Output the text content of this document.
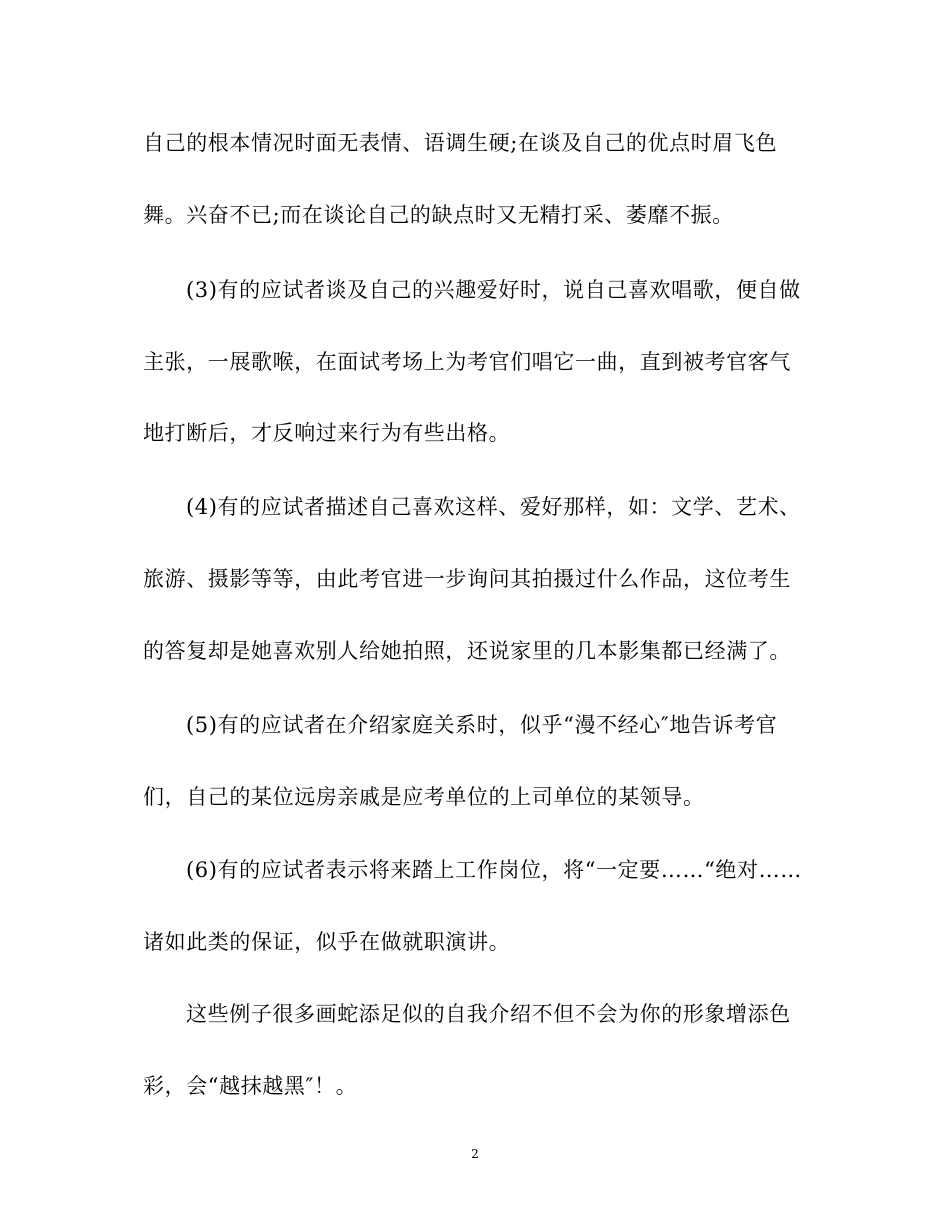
自己的根本情况时面无表情、语调生硬;在谈及自己的优点时眉飞色
舞。兴奋不已;而在谈论自己的缺点时又无精打采、萎靡不振。
(3)有的应试者谈及自己的兴趣爱好时，说自己喜欢唱歌，便自做
主张，一展歌喉，在面试考场上为考官们唱它一曲，直到被考官客气
地打断后，才反响过来行为有些出格。
(4)有的应试者描述自己喜欢这样、爱好那样，如：文学、艺术、
旅游、摄影等等，由此考官进一步询问其拍摄过什么作品，这位考生
的答复却是她喜欢别人给她拍照，还说家里的几本影集都已经满了。
(5)有的应试者在介绍家庭关系时，似乎“漫不经心″地告诉考官
们，自己的某位远房亲戚是应考单位的上司单位的某领导。
(6)有的应试者表示将来踏上工作岗位，将“一定要……“绝对……
诸如此类的保证，似乎在做就职演讲。
这些例子很多画蛇添足似的自我介绍不但不会为你的形象增添色
彩，会“越抹越黑″！。
2
